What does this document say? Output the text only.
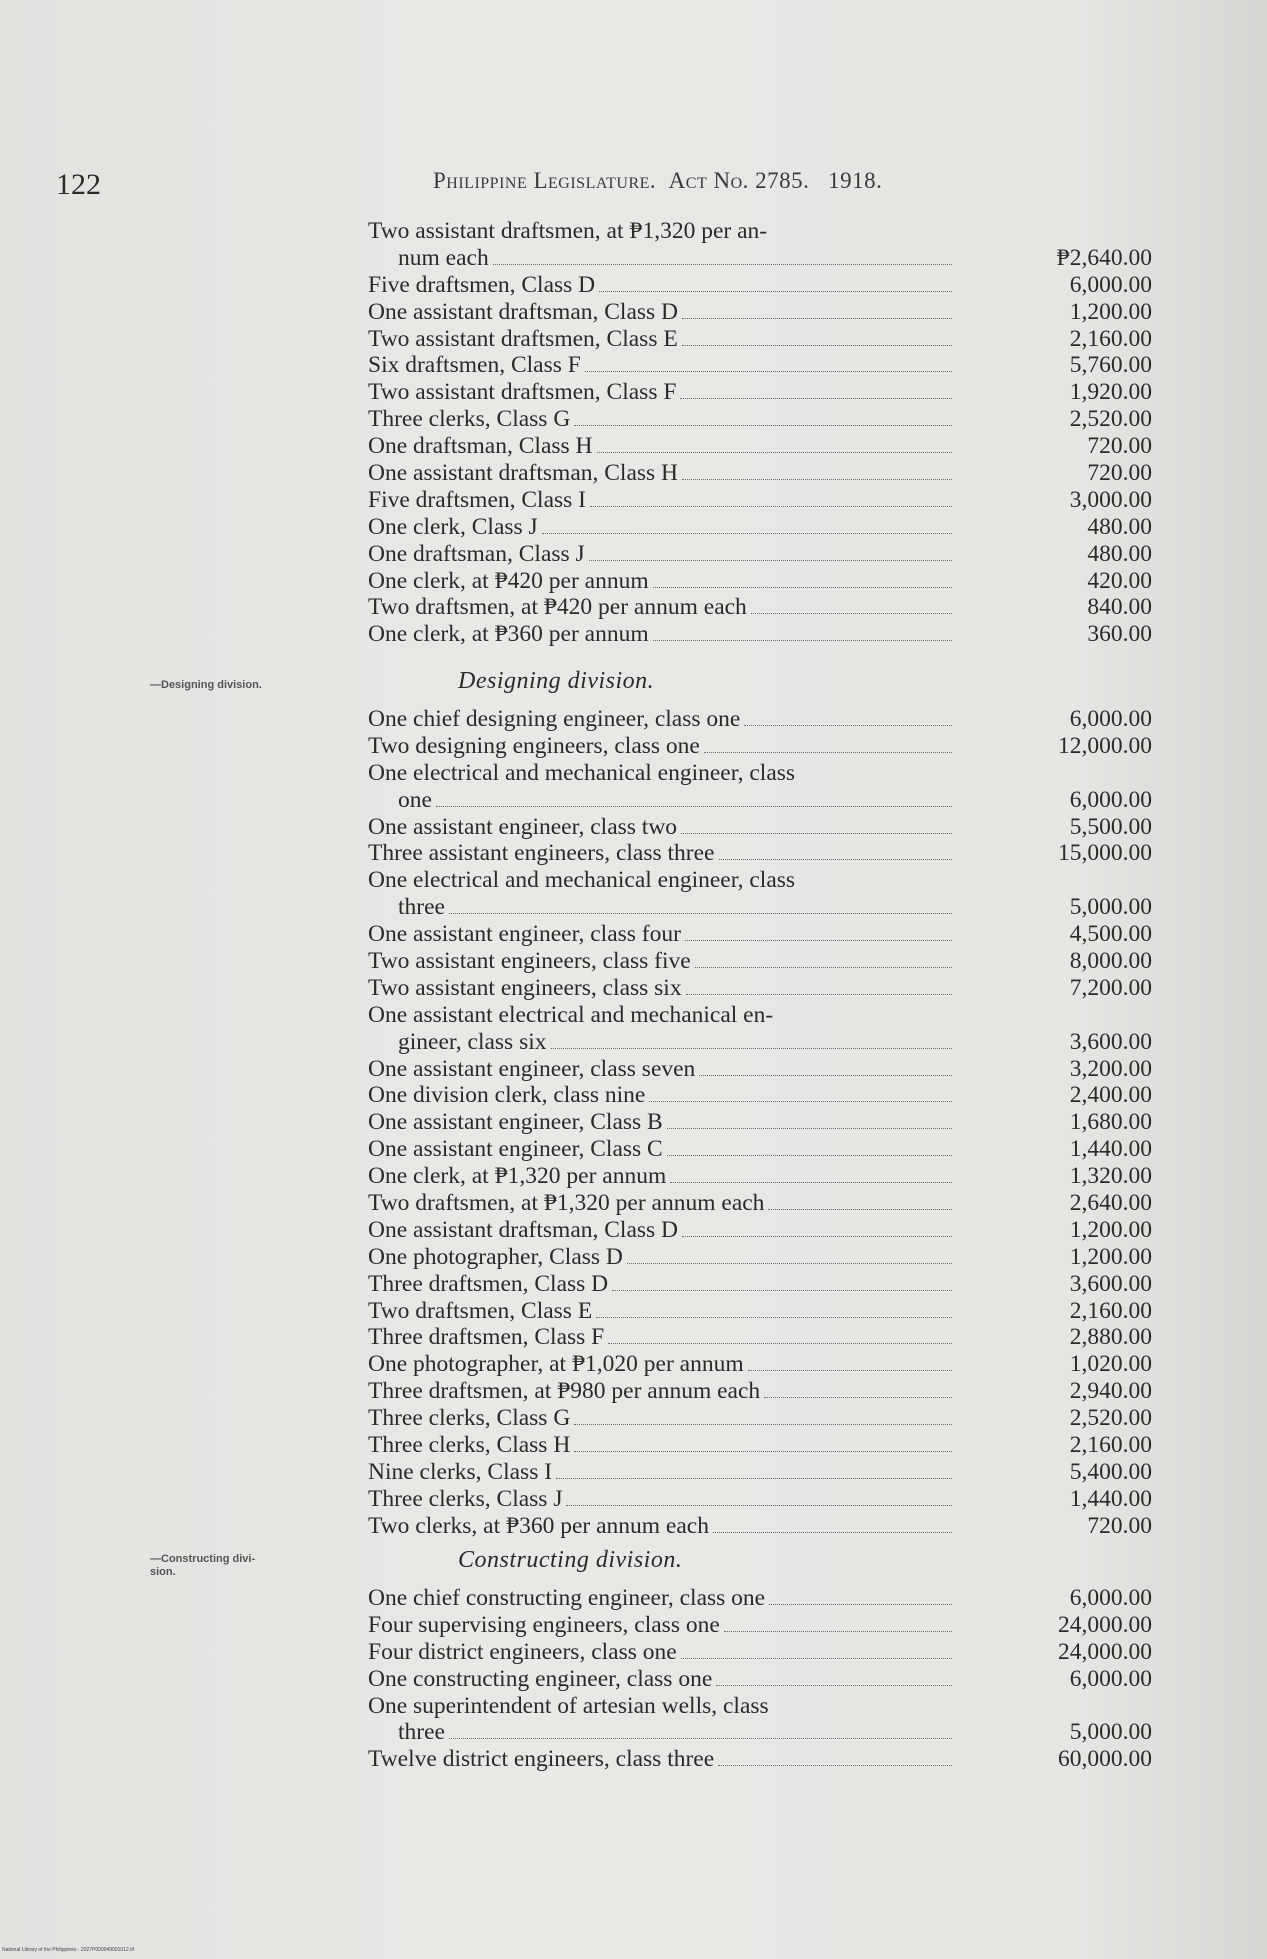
122	Philippine Legislature. Act No. 2785. 1918.
Two assistant draftsmen, at ₱1,320 per an-
num each	₱2,640.00
Five draftsmen, Class D	6,000.00
One assistant draftsman, Class D	1,200.00
Two assistant draftsmen, Class E	2,160.00
Six draftsmen, Class F	5,760.00
Two assistant draftsmen, Class F	1,920.00
Three clerks, Class G	2,520.00
One draftsman, Class H	720.00
One assistant draftsman, Class H	720.00
Five draftsmen, Class I	3,000.00
One clerk, Class J	480.00
One draftsman, Class J	480.00
One clerk, at ₱420 per annum	420.00
Two draftsmen, at ₱420 per annum each	840.00
One clerk, at ₱360 per annum	360.00
—Designing division.	Designing division.
One chief designing engineer, class one	6,000.00
Two designing engineers, class one	12,000.00
One electrical and mechanical engineer, class
one	6,000.00
One assistant engineer, class two	5,500.00
Three assistant engineers, class three	15,000.00
One electrical and mechanical engineer, class
three	5,000.00
One assistant engineer, class four	4,500.00
Two assistant engineers, class five	8,000.00
Two assistant engineers, class six	7,200.00
One assistant electrical and mechanical en-
gineer, class six	3,600.00
One assistant engineer, class seven	3,200.00
One division clerk, class nine	2,400.00
One assistant engineer, Class B	1,680.00
One assistant engineer, Class C	1,440.00
One clerk, at ₱1,320 per annum	1,320.00
Two draftsmen, at ₱1,320 per annum each	2,640.00
One assistant draftsman, Class D	1,200.00
One photographer, Class D	1,200.00
Three draftsmen, Class D	3,600.00
Two draftsmen, Class E	2,160.00
Three draftsmen, Class F	2,880.00
One photographer, at ₱1,020 per annum	1,020.00
Three draftsmen, at ₱980 per annum each	2,940.00
Three clerks, Class G	2,520.00
Three clerks, Class H	2,160.00
Nine clerks, Class I	5,400.00
Three clerks, Class J	1,440.00
Two clerks, at ₱360 per annum each	720.00
—Constructing divi-
sion.	Constructing division.
One chief constructing engineer, class one	6,000.00
Four supervising engineers, class one	24,000.00
Four district engineers, class one	24,000.00
One constructing engineer, class one	6,000.00
One superintendent of artesian wells, class
three	5,000.00
Twelve district engineers, class three	60,000.00
National Library of the Philippines · 2027P000049001012.tif
